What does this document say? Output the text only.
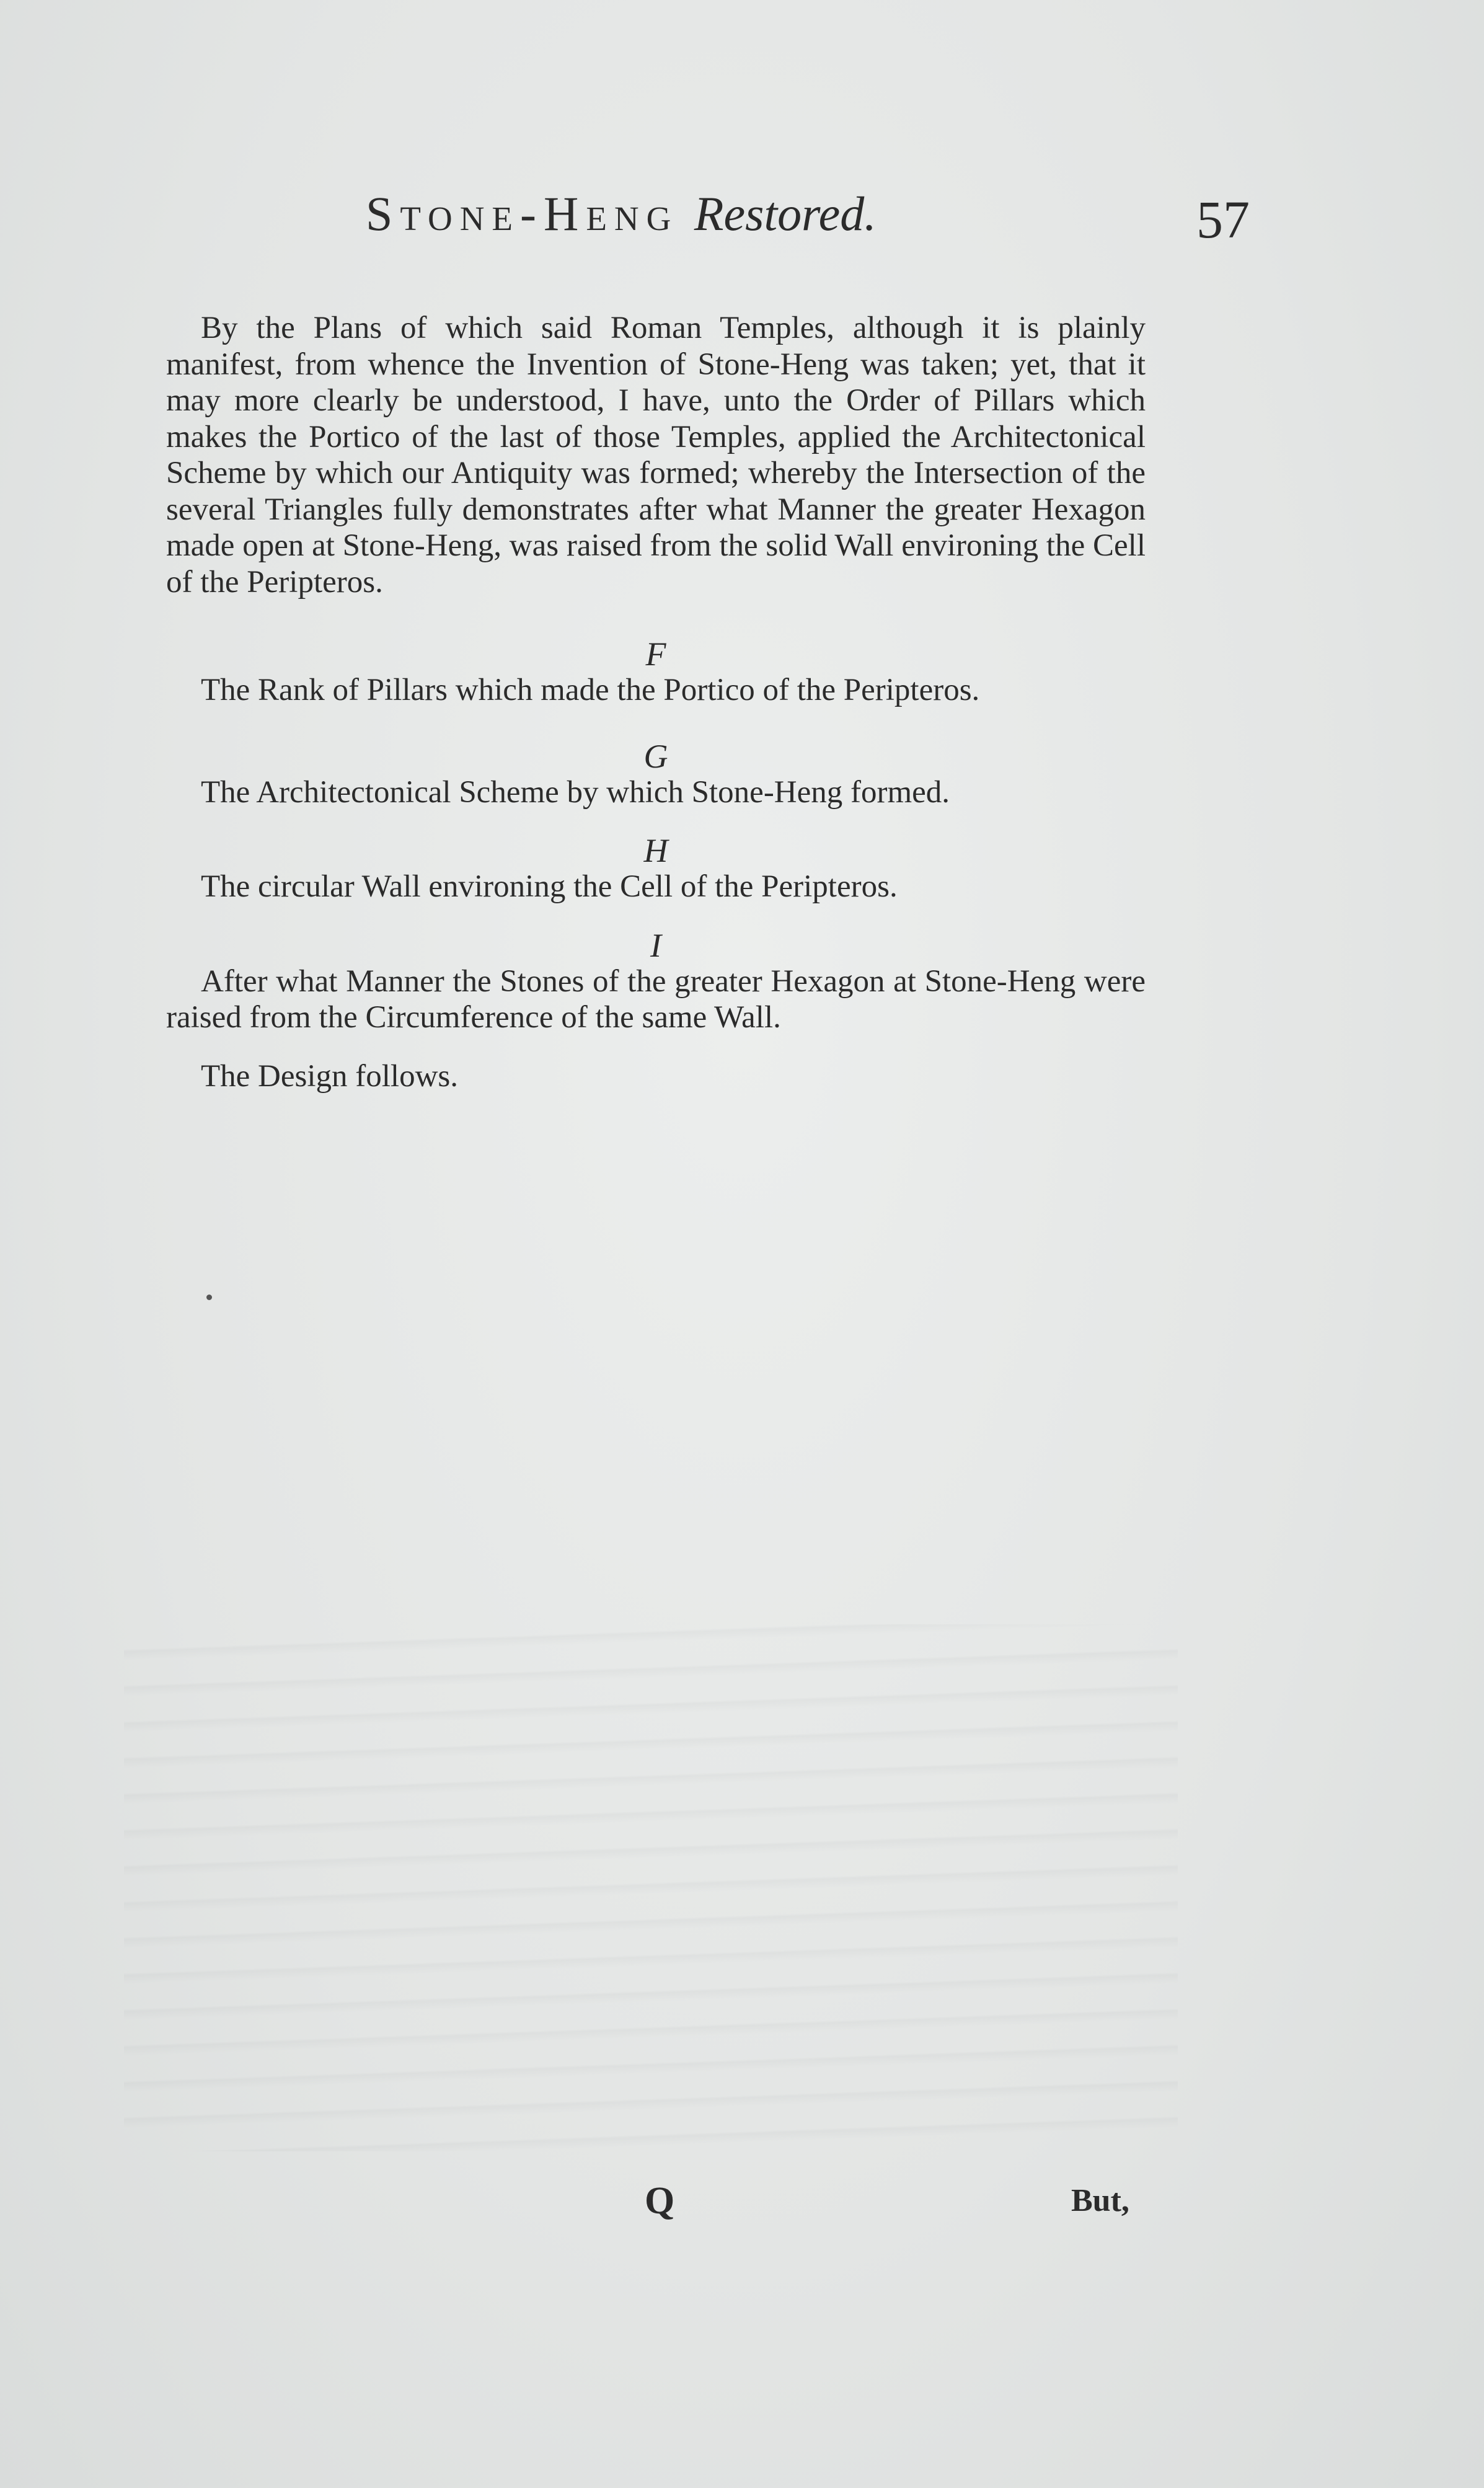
Stone-Heng Restored.	57

By the Plans of which said Roman Temples, although it is plainly manifest, from whence the Invention of Stone-Heng was taken; yet, that it may more clearly be understood, I have, unto the Order of Pillars which makes the Portico of the last of those Temples, applied the Architectonical Scheme by which our Antiquity was formed; whereby the Intersection of the several Triangles fully demonstrates after what Manner the greater Hexagon made open at Stone-Heng, was raised from the solid Wall environing the Cell of the Peripteros.

F

The Rank of Pillars which made the Portico of the Peripteros.

G

The Architectonical Scheme by which Stone-Heng formed.

H

The circular Wall environing the Cell of the Peripteros.

I

After what Manner the Stones of the greater Hexagon at Stone-Heng were raised from the Circumference of the same Wall.

The Design follows.

Q	But,
